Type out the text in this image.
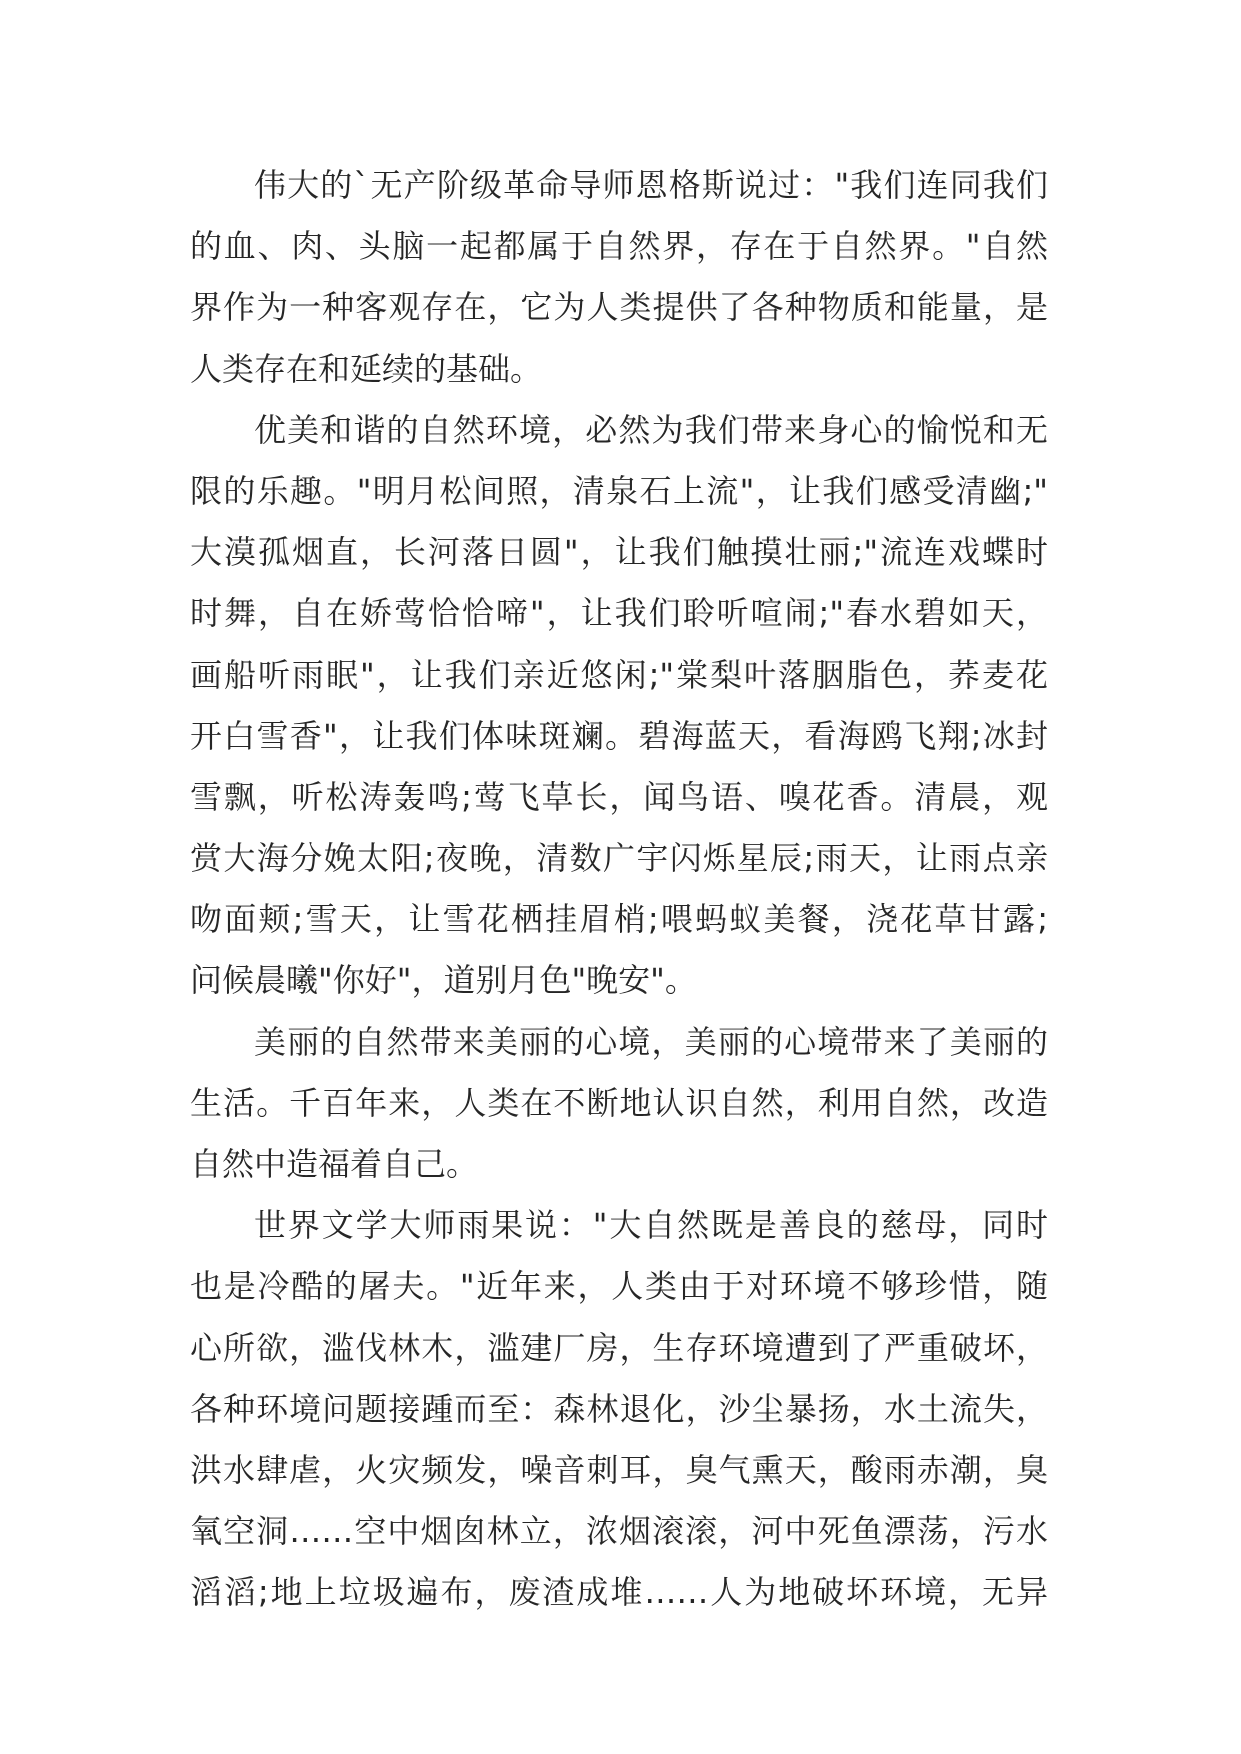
伟大的`无产阶级革命导师恩格斯说过："我们连同我们
的血、肉、头脑一起都属于自然界，存在于自然界。"自然
界作为一种客观存在，它为人类提供了各种物质和能量，是
人类存在和延续的基础。
优美和谐的自然环境，必然为我们带来身心的愉悦和无
限的乐趣。"明月松间照，清泉石上流"，让我们感受清幽;"
大漠孤烟直，长河落日圆"，让我们触摸壮丽;"流连戏蝶时
时舞，自在娇莺恰恰啼"，让我们聆听喧闹;"春水碧如天，
画船听雨眠"，让我们亲近悠闲;"棠梨叶落胭脂色，荞麦花
开白雪香"，让我们体味斑斓。碧海蓝天，看海鸥飞翔;冰封
雪飘，听松涛轰鸣;莺飞草长，闻鸟语、嗅花香。清晨，观
赏大海分娩太阳;夜晚，清数广宇闪烁星辰;雨天，让雨点亲
吻面颊;雪天，让雪花栖挂眉梢;喂蚂蚁美餐，浇花草甘露;
问候晨曦"你好"，道别月色"晚安"。
美丽的自然带来美丽的心境，美丽的心境带来了美丽的
生活。千百年来，人类在不断地认识自然，利用自然，改造
自然中造福着自己。
世界文学大师雨果说："大自然既是善良的慈母，同时
也是冷酷的屠夫。"近年来，人类由于对环境不够珍惜，随
心所欲，滥伐林木，滥建厂房，生存环境遭到了严重破坏，
各种环境问题接踵而至：森林退化，沙尘暴扬，水土流失，
洪水肆虐，火灾频发，噪音刺耳，臭气熏天，酸雨赤潮，臭
氧空洞……空中烟囱林立，浓烟滚滚，河中死鱼漂荡，污水
滔滔;地上垃圾遍布，废渣成堆……人为地破坏环境，无异
